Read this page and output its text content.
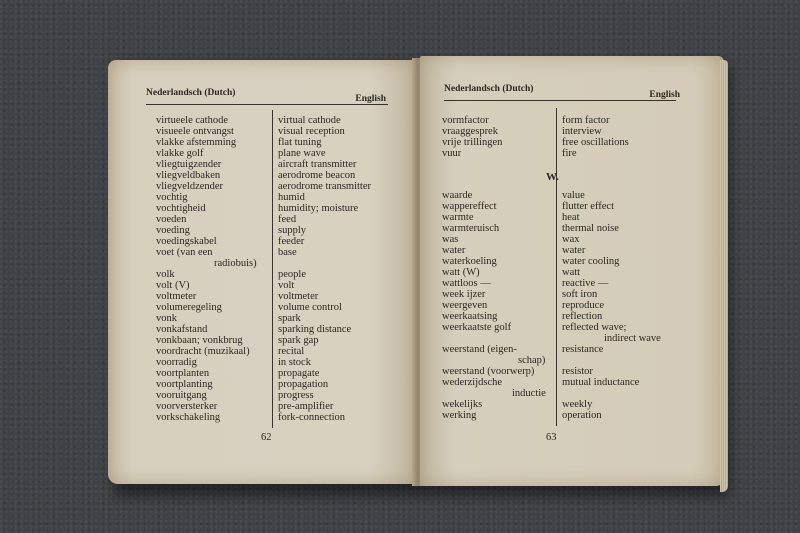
Nederlandsch (Dutch)
English
virtueele cathode
visueele ontvangst
vlakke afstemming
vlakke golf
vliegtuigzender
vliegveldbaken
vliegveldzender
vochtig
vochtigheid
voeden
voeding
voedingskabel
voet (van een
radiobuis)
volk
volt (V)
voltmeter
volumeregeling
vonk
vonkafstand
vonkbaan; vonkbrug
voordracht (muzikaal)
voorradig
voortplanten
voortplanting
vooruitgang
voorversterker
vorkschakeling
virtual cathode
visual reception
flat tuning
plane wave
aircraft transmitter
aerodrome beacon
aerodrome transmitter
humid
humidity; moisture
feed
supply
feeder
base
people
volt
voltmeter
volume control
spark
sparking distance
spark gap
recital
in stock
propagate
propagation
progress
pre-amplifier
fork-connection
62
Nederlandsch (Dutch)
English
vormfactor
vraaggesprek
vrije trillingen
vuur
form factor
interview
free oscillations
fire
W.
waarde
wappereffect
warmte
warmteruisch
was
water
waterkoeling
watt (W)
wattloos —
week ijzer
weergeven
weerkaatsing
weerkaatste golf
weerstand (eigen-
schap)
weerstand (voorwerp)
wederzijdsche
inductie
wekelijks
werking
value
flutter effect
heat
thermal noise
wax
water
water cooling
watt
reactive —
soft iron
reproduce
reflection
reflected wave;
indirect wave
resistance
resistor
mutual inductance
weekly
operation
63
